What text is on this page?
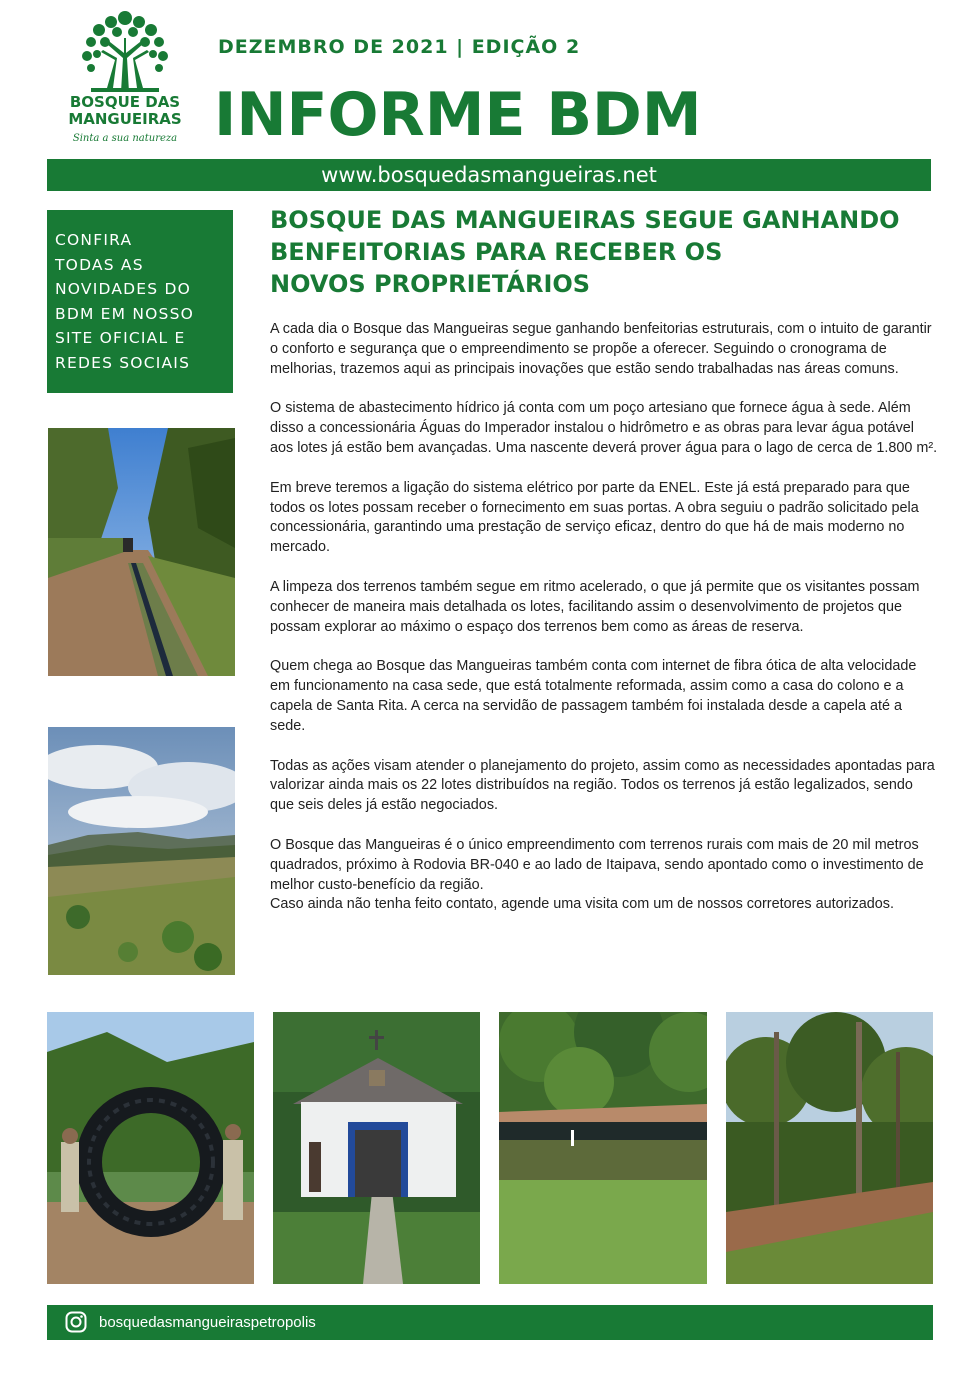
BOSQUE DAS
MANGUEIRAS
Sinta a sua natureza
DEZEMBRO DE 2021 | EDIÇÃO 2
INFORME BDM
www.bosquedasmangueiras.net
CONFIRA
TODAS AS
NOVIDADES DO
BDM EM NOSSO
SITE OFICIAL E
REDES SOCIAIS
BOSQUE DAS MANGUEIRAS SEGUE GANHANDO
BENFEITORIAS PARA RECEBER OS
NOVOS PROPRIETÁRIOS

A cada dia o Bosque das Mangueiras segue ganhando benfeitorias estruturais, com o intuito de garantir o conforto e segurança que o empreendimento se propõe a oferecer. Seguindo o cronograma de melhorias, trazemos aqui as principais inovações que estão sendo trabalhadas nas áreas comuns.

O sistema de abastecimento hídrico já conta com um poço artesiano que fornece água à sede. Além disso a concessionária Águas do Imperador instalou o hidrômetro e as obras para levar água potável aos lotes já estão bem avançadas. Uma nascente deverá prover água para o lago de cerca de 1.800 m².

Em breve teremos a ligação do sistema elétrico por parte da ENEL. Este já está preparado para que todos os lotes possam receber o fornecimento em suas portas. A obra seguiu o padrão solicitado pela concessionária, garantindo uma prestação de serviço eficaz, dentro do que há de mais moderno no mercado.

A limpeza dos terrenos também segue em ritmo acelerado, o que já permite que os visitantes possam conhecer de maneira mais detalhada os lotes, facilitando assim o desenvolvimento de projetos que possam explorar ao máximo o espaço dos terrenos bem como as áreas de reserva.

Quem chega ao Bosque das Mangueiras também conta com internet de fibra ótica de alta velocidade em funcionamento na casa sede, que está totalmente reformada, assim como a casa do colono e a capela de Santa Rita. A cerca na servidão de passagem também foi instalada desde a capela até a sede.

Todas as ações visam atender o planejamento do projeto, assim como as necessidades apontadas para valorizar ainda mais os 22 lotes distribuídos na região. Todos os terrenos já estão legalizados, sendo que seis deles já estão negociados.

O Bosque das Mangueiras é o único empreendimento com terrenos rurais com mais de 20 mil metros quadrados, próximo à Rodovia BR-040 e ao lado de Itaipava, sendo apontado como o investimento de melhor custo-benefício da região.

Caso ainda não tenha feito contato, agende uma visita com um de nossos corretores autorizados.

bosquedasmangueiraspetropolis
